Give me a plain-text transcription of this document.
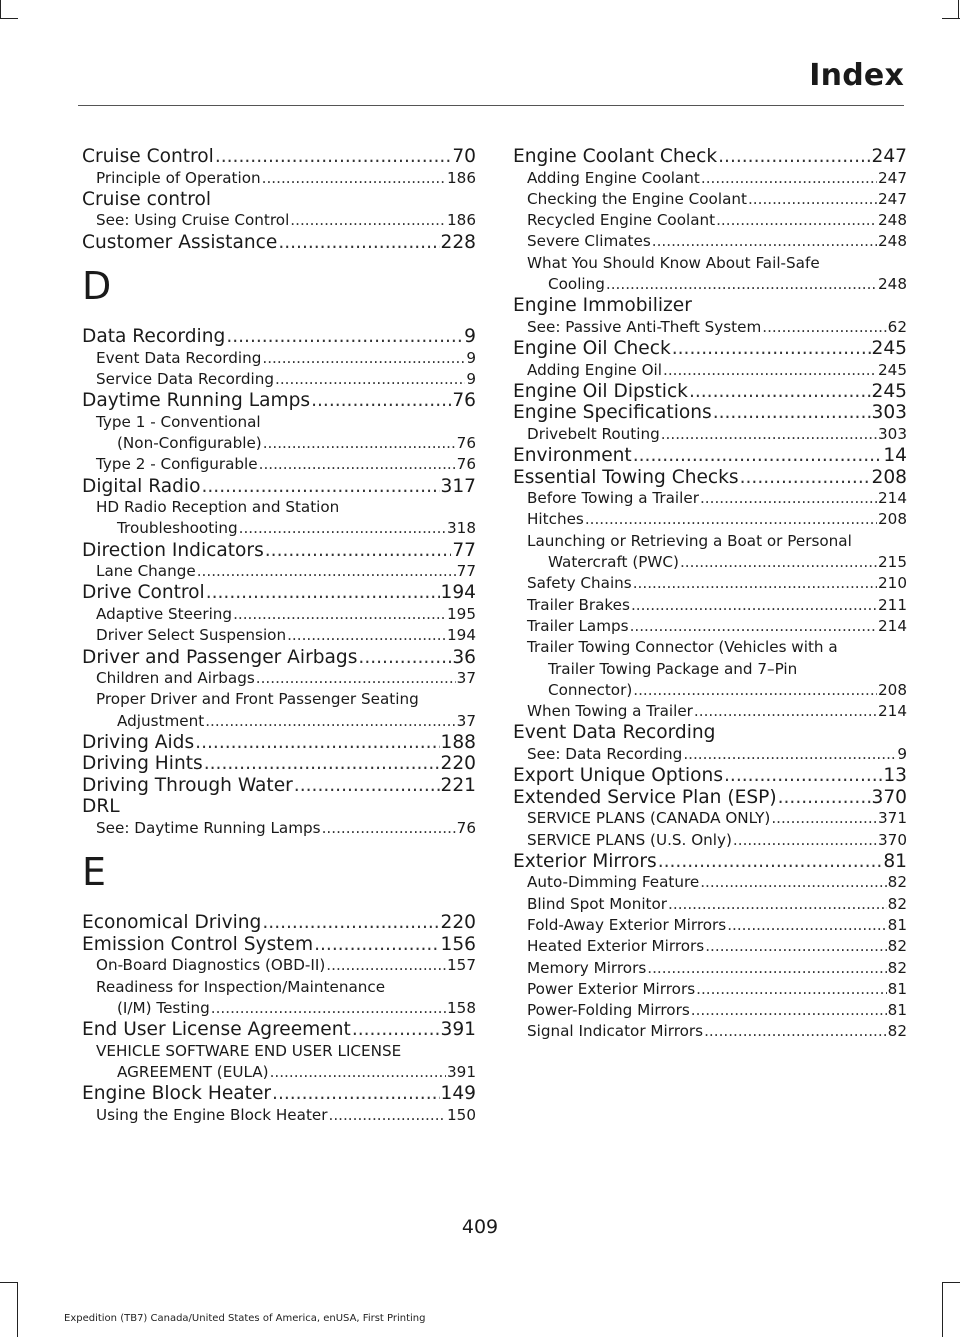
Index
Cruise Control .....	70
Principle of Operation .....	186
Cruise control
See: Using Cruise Control .....	186
Customer Assistance .....	228
D
Data Recording .....	9
Event Data Recording .....	9
Service Data Recording .....	9
Daytime Running Lamps .....	76
Type 1 - Conventional
(Non-Configurable) .....	76
Type 2 - Configurable .....	76
Digital Radio .....	317
HD Radio Reception and Station
Troubleshooting .....	318
Direction Indicators .....	77
Lane Change .....	77
Drive Control .....	194
Adaptive Steering .....	195
Driver Select Suspension .....	194
Driver and Passenger Airbags .....	36
Children and Airbags .....	37
Proper Driver and Front Passenger Seating
Adjustment .....	37
Driving Aids .....	188
Driving Hints .....	220
Driving Through Water .....	221
DRL
See: Daytime Running Lamps .....	76
E
Economical Driving .....	220
Emission Control System .....	156
On-Board Diagnostics (OBD-II) .....	157
Readiness for Inspection/Maintenance
(I/M) Testing .....	158
End User License Agreement .....	391
VEHICLE SOFTWARE END USER LICENSE
AGREEMENT (EULA) .....	391
Engine Block Heater .....	149
Using the Engine Block Heater .....	150
Engine Coolant Check .....	247
Adding Engine Coolant .....	247
Checking the Engine Coolant .....	247
Recycled Engine Coolant .....	248
Severe Climates .....	248
What You Should Know About Fail-Safe
Cooling .....	248
Engine Immobilizer
See: Passive Anti-Theft System .....	62
Engine Oil Check .....	245
Adding Engine Oil .....	245
Engine Oil Dipstick .....	245
Engine Specifications .....	303
Drivebelt Routing .....	303
Environment .....	14
Essential Towing Checks .....	208
Before Towing a Trailer .....	214
Hitches .....	208
Launching or Retrieving a Boat or Personal
Watercraft (PWC) .....	215
Safety Chains .....	210
Trailer Brakes .....	211
Trailer Lamps .....	214
Trailer Towing Connector (Vehicles with a
Trailer Towing Package and 7–Pin
Connector) .....	208
When Towing a Trailer .....	214
Event Data Recording
See: Data Recording .....	9
Export Unique Options .....	13
Extended Service Plan (ESP) .....	370
SERVICE PLANS (CANADA ONLY) .....	371
SERVICE PLANS (U.S. Only) .....	370
Exterior Mirrors .....	81
Auto-Dimming Feature .....	82
Blind Spot Monitor .....	82
Fold-Away Exterior Mirrors .....	81
Heated Exterior Mirrors .....	82
Memory Mirrors .....	82
Power Exterior Mirrors .....	81
Power-Folding Mirrors .....	81
Signal Indicator Mirrors .....	82
409
Expedition (TB7) Canada/United States of America, enUSA, First Printing
